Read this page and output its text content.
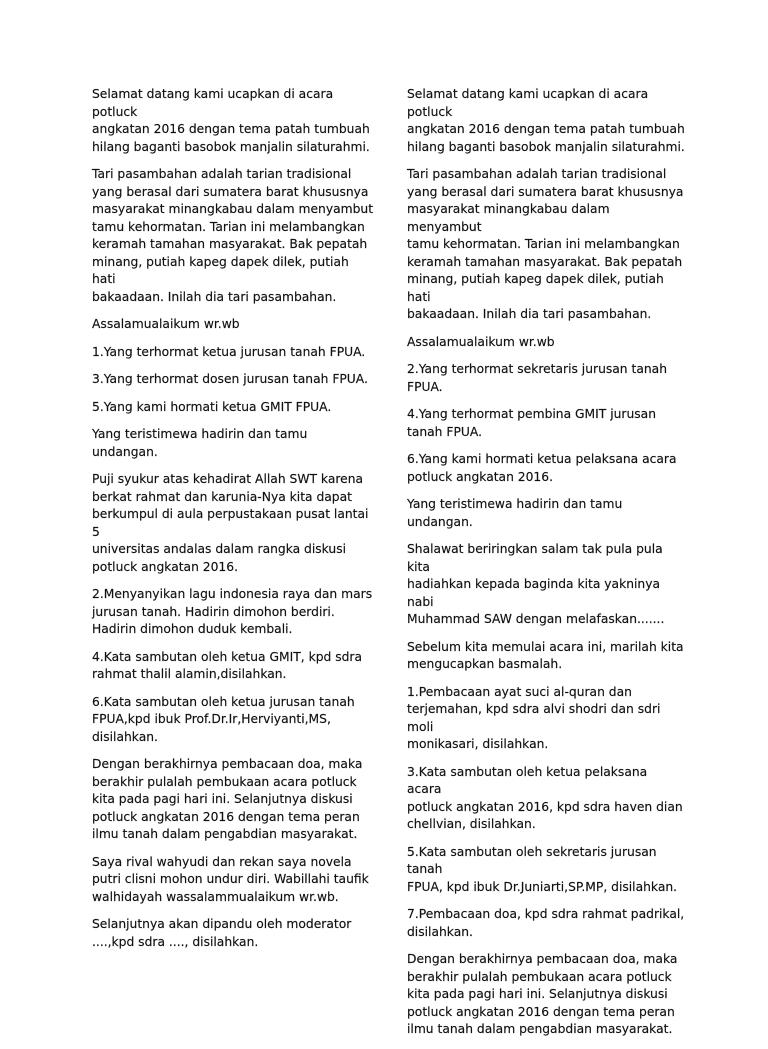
Selamat datang kami ucapkan di acara potluck
angkatan 2016 dengan tema patah tumbuah
hilang baganti basobok manjalin silaturahmi.

Tari pasambahan adalah tarian tradisional
yang berasal dari sumatera barat khususnya
masyarakat minangkabau dalam menyambut
tamu kehormatan. Tarian ini melambangkan
keramah tamahan masyarakat. Bak pepatah
minang, putiah kapeg dapek dilek, putiah hati
bakaadaan. Inilah dia tari pasambahan.

Assalamualaikum wr.wb

1.Yang terhormat ketua jurusan tanah FPUA.

3.Yang terhormat dosen jurusan tanah FPUA.

5.Yang kami hormati ketua GMIT FPUA.

Yang teristimewa hadirin dan tamu
undangan.

Puji syukur atas kehadirat Allah SWT karena
berkat rahmat dan karunia-Nya kita dapat
berkumpul di aula perpustakaan pusat lantai 5
universitas andalas dalam rangka diskusi
potluck angkatan 2016.

2.Menyanyikan lagu indonesia raya dan mars
jurusan tanah. Hadirin dimohon berdiri.
Hadirin dimohon duduk kembali.

4.Kata sambutan oleh ketua GMIT, kpd sdra
rahmat thalil alamin,disilahkan.

6.Kata sambutan oleh ketua jurusan tanah
FPUA,kpd ibuk Prof.Dr.Ir,Herviyanti,MS,
disilahkan.

Dengan berakhirnya pembacaan doa, maka
berakhir pulalah pembukaan acara potluck
kita pada pagi hari ini. Selanjutnya diskusi
potluck angkatan 2016 dengan tema peran
ilmu tanah dalam pengabdian masyarakat.

Saya rival wahyudi dan rekan saya novela
putri clisni mohon undur diri. Wabillahi taufik
walhidayah wassalammualaikum wr.wb.

Selanjutnya akan dipandu oleh moderator
....,kpd sdra ...., disilahkan.

Selamat datang kami ucapkan di acara potluck
angkatan 2016 dengan tema patah tumbuah
hilang baganti basobok manjalin silaturahmi.

Tari pasambahan adalah tarian tradisional
yang berasal dari sumatera barat khususnya
masyarakat minangkabau dalam menyambut
tamu kehormatan. Tarian ini melambangkan
keramah tamahan masyarakat. Bak pepatah
minang, putiah kapeg dapek dilek, putiah hati
bakaadaan. Inilah dia tari pasambahan.

Assalamualaikum wr.wb

2.Yang terhormat sekretaris jurusan tanah
FPUA.

4.Yang terhormat pembina GMIT jurusan
tanah FPUA.

6.Yang kami hormati ketua pelaksana acara
potluck angkatan 2016.

Yang teristimewa hadirin dan tamu
undangan.

Shalawat beriringkan salam tak pula pula kita
hadiahkan kepada baginda kita yakninya nabi
Muhammad SAW dengan melafaskan.......

Sebelum kita memulai acara ini, marilah kita
mengucapkan basmalah.

1.Pembacaan ayat suci al-quran dan
terjemahan, kpd sdra alvi shodri dan sdri moli
monikasari, disilahkan.

3.Kata sambutan oleh ketua pelaksana acara
potluck angkatan 2016, kpd sdra haven dian
chellvian, disilahkan.

5.Kata sambutan oleh sekretaris jurusan tanah
FPUA, kpd ibuk Dr.Juniarti,SP.MP, disilahkan.

7.Pembacaan doa, kpd sdra rahmat padrikal,
disilahkan.

Dengan berakhirnya pembacaan doa, maka
berakhir pulalah pembukaan acara potluck
kita pada pagi hari ini. Selanjutnya diskusi
potluck angkatan 2016 dengan tema peran
ilmu tanah dalam pengabdian masyarakat.
